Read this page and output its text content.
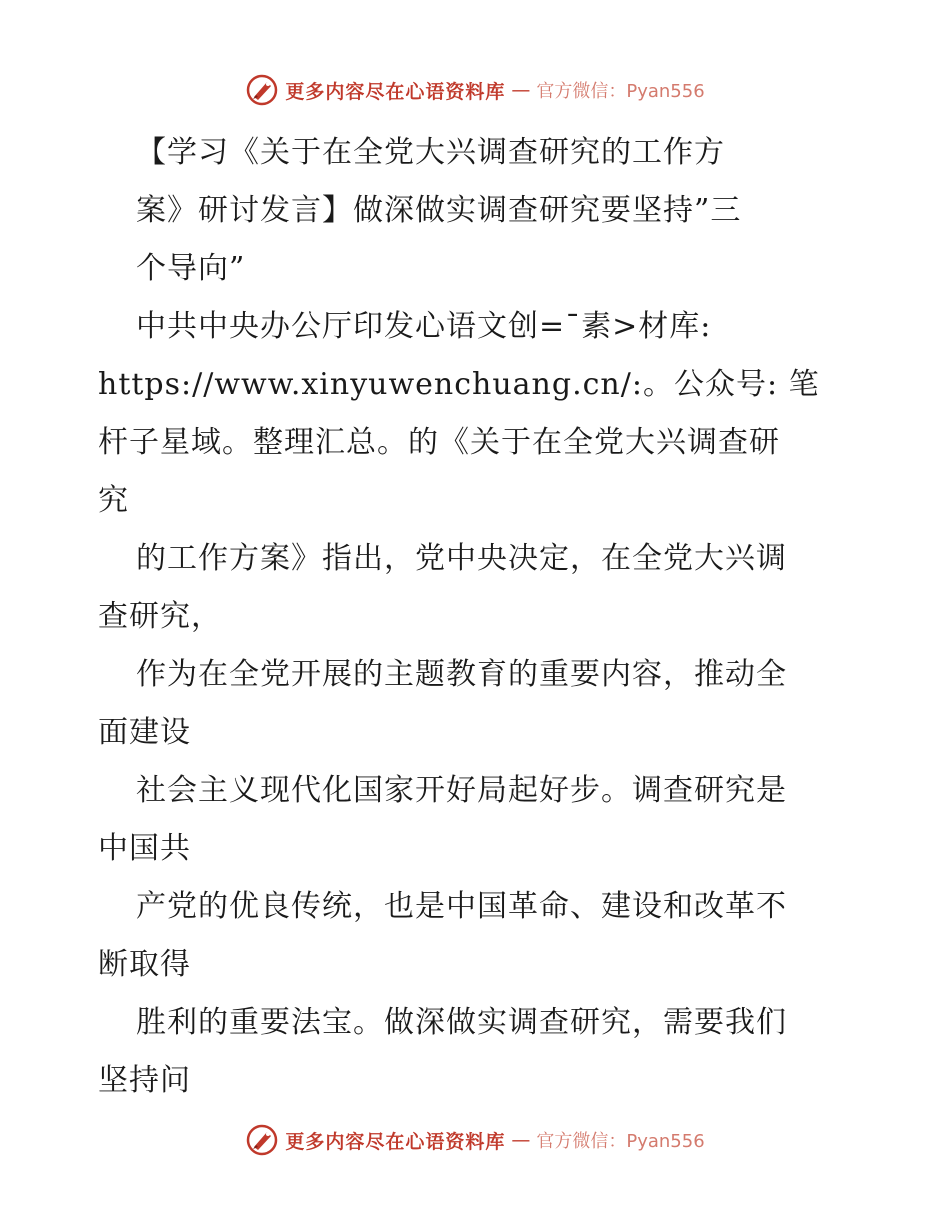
更多内容尽在心语资料库 — 官方微信：Pyan556
【学习《关于在全党大兴调查研究的工作方
案》研讨发言】做深做实调查研究要坚持”三
个导向”
中共中央办公厅印发心语文创=¯素>材库:
https://www.xinyuwenchuang.cn/:。公众号: 笔
杆子星域。整理汇总。的《关于在全党大兴调查研
究
的工作方案》指出，党中央决定，在全党大兴调
查研究，
作为在全党开展的主题教育的重要内容，推动全
面建设
社会主义现代化国家开好局起好步。调查研究是
中国共
产党的优良传统，也是中国革命、建设和改革不
断取得
胜利的重要法宝。做深做实调查研究，需要我们
坚持问
更多内容尽在心语资料库 — 官方微信：Pyan556
